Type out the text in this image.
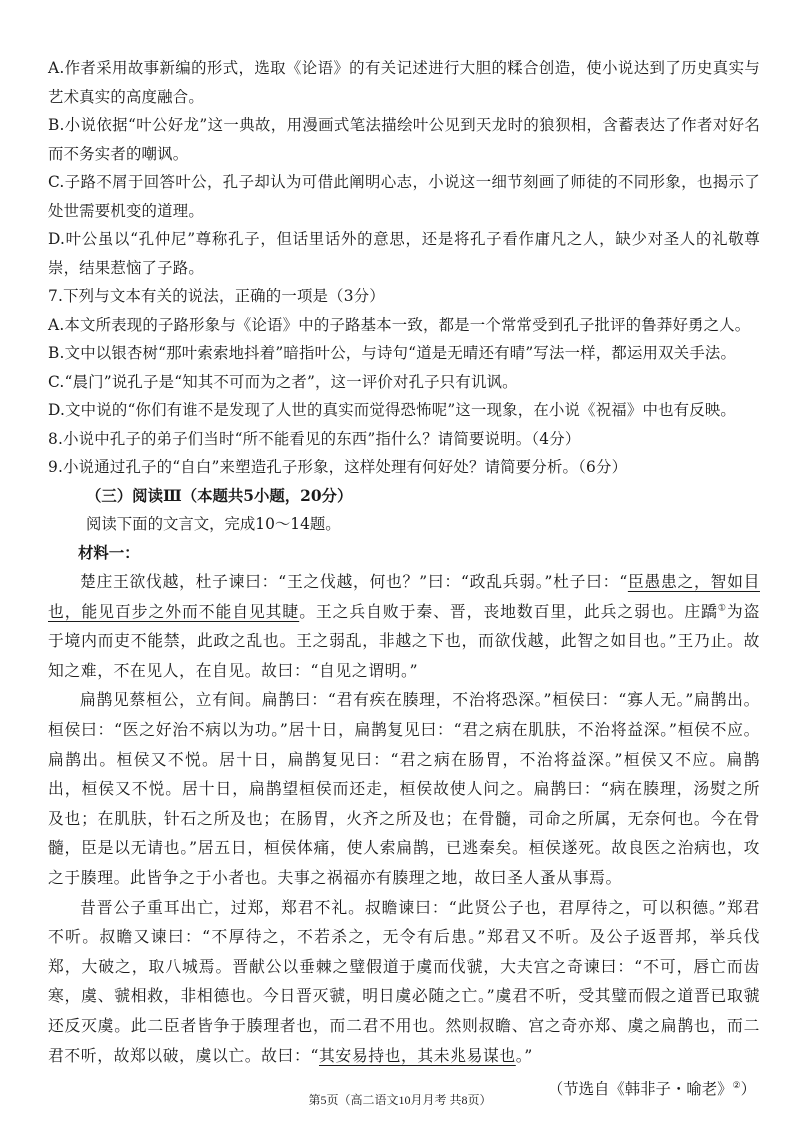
A.作者采用故事新编的形式，选取《论语》的有关记述进行大胆的糅合创造，使小说达到了历史真实与艺术真实的高度融合。

B.小说依据“叶公好龙”这一典故，用漫画式笔法描绘叶公见到天龙时的狼狈相，含蓄表达了作者对好名而不务实者的嘲讽。

C.子路不屑于回答叶公，孔子却认为可借此阐明心志，小说这一细节刻画了师徒的不同形象，也揭示了处世需要机变的道理。

D.叶公虽以“孔仲尼”尊称孔子，但话里话外的意思，还是将孔子看作庸凡之人，缺少对圣人的礼敬尊崇，结果惹恼了子路。

7.下列与文本有关的说法，正确的一项是（3分）

A.本文所表现的子路形象与《论语》中的子路基本一致，都是一个常常受到孔子批评的鲁莽好勇之人。

B.文中以银杏树“那叶索索地抖着”暗指叶公，与诗句“道是无晴还有晴”写法一样，都运用双关手法。

C.“晨门”说孔子是“知其不可而为之者”，这一评价对孔子只有讥讽。

D.文中说的“你们有谁不是发现了人世的真实而觉得恐怖呢”这一现象，在小说《祝福》中也有反映。

8.小说中孔子的弟子们当时“所不能看见的东西”指什么？请简要说明。（4分）

9.小说通过孔子的“自白”来塑造孔子形象，这样处理有何好处？请简要分析。（6分）

（三）阅读Ⅲ（本题共5小题，20分）

阅读下面的文言文，完成10～14题。

材料一：

楚庄王欲伐越，杜子谏曰：“王之伐越，何也？”曰：“政乱兵弱。”杜子曰：“臣愚患之，智如目也，能见百步之外而不能自见其睫。王之兵自败于秦、晋，丧地数百里，此兵之弱也。庄蹻①为盗于境内而吏不能禁，此政之乱也。王之弱乱，非越之下也，而欲伐越，此智之如目也。”王乃止。故知之难，不在见人，在自见。故曰：“自见之谓明。”

扁鹊见蔡桓公，立有间。扁鹊曰：“君有疾在腠理，不治将恐深。”桓侯曰：“寡人无。”扁鹊出。桓侯曰：“医之好治不病以为功。”居十日，扁鹊复见曰：“君之病在肌肤，不治将益深。”桓侯不应。扁鹊出。桓侯又不悦。居十日，扁鹊复见曰：“君之病在肠胃，不治将益深。”桓侯又不应。扁鹊出，桓侯又不悦。居十日，扁鹊望桓侯而还走，桓侯故使人问之。扁鹊曰：“病在腠理，汤熨之所及也；在肌肤，针石之所及也；在肠胃，火齐之所及也；在骨髓，司命之所属，无奈何也。今在骨髓，臣是以无请也。”居五日，桓侯体痛，使人索扁鹊，已逃秦矣。桓侯遂死。故良医之治病也，攻之于腠理。此皆争之于小者也。夫事之祸福亦有腠理之地，故曰圣人蚤从事焉。

昔晋公子重耳出亡，过郑，郑君不礼。叔瞻谏曰：“此贤公子也，君厚待之，可以积德。”郑君不听。叔瞻又谏曰：“不厚待之，不若杀之，无令有后患。”郑君又不听。及公子返晋邦，举兵伐郑，大破之，取八城焉。晋献公以垂棘之璧假道于虞而伐虢，大夫宫之奇谏曰：“不可，唇亡而齿寒，虞、虢相救，非相德也。今日晋灭虢，明日虞必随之亡。”虞君不听，受其璧而假之道晋已取虢还反灭虞。此二臣者皆争于腠理者也，而二君不用也。然则叔瞻、宫之奇亦郑、虞之扁鹊也，而二君不听，故郑以破，虞以亡。故曰：“其安易持也，其未兆易谋也。”

（节选自《韩非子・喻老》②）

第5页（高二语文10月月考 共8页）
